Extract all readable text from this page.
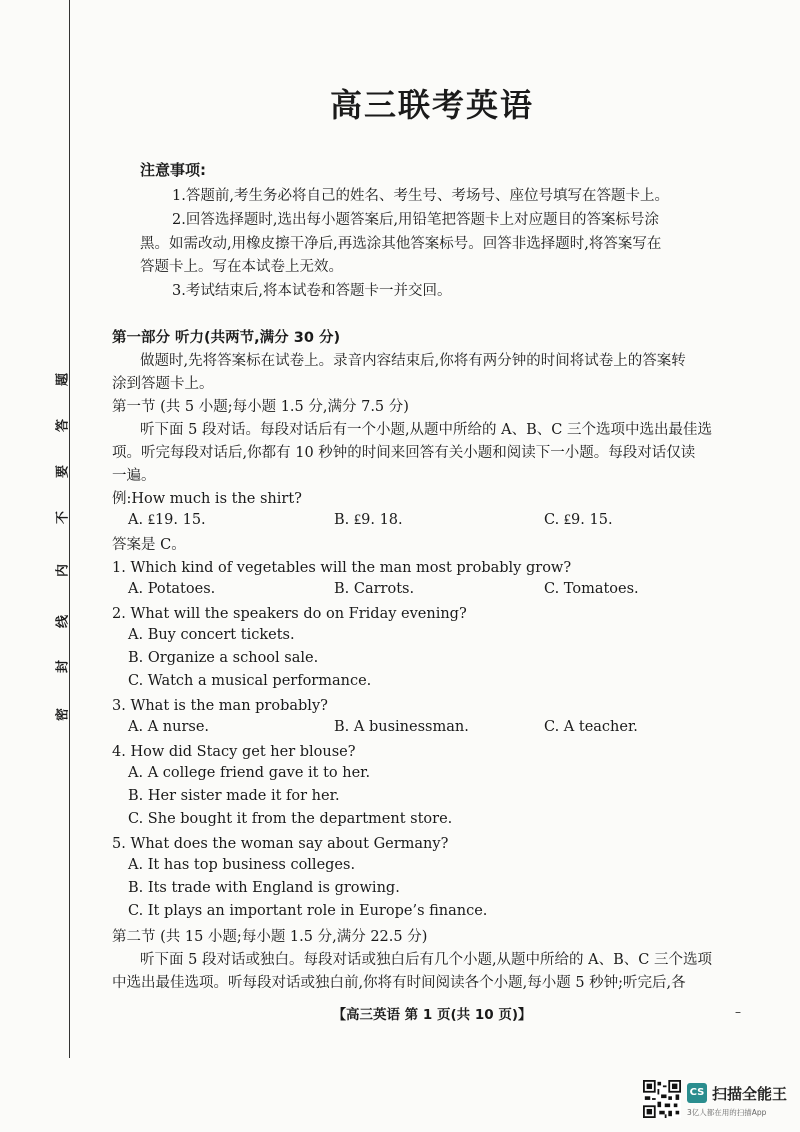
题
答
要
不
内
线
封
密
高三联考英语
注意事项:
1.答题前,考生务必将自己的姓名、考生号、考场号、座位号填写在答题卡上。
2.回答选择题时,选出每小题答案后,用铅笔把答题卡上对应题目的答案标号涂
黑。如需改动,用橡皮擦干净后,再选涂其他答案标号。回答非选择题时,将答案写在
答题卡上。写在本试卷上无效。
3.考试结束后,将本试卷和答题卡一并交回。
第一部分 听力(共两节,满分 30 分)
做题时,先将答案标在试卷上。录音内容结束后,你将有两分钟的时间将试卷上的答案转
涂到答题卡上。
第一节 (共 5 小题;每小题 1.5 分,满分 7.5 分)
听下面 5 段对话。每段对话后有一个小题,从题中所给的 A、B、C 三个选项中选出最佳选
项。听完每段对话后,你都有 10 秒钟的时间来回答有关小题和阅读下一小题。每段对话仅读
一遍。
例:How much is the shirt?
A. ₤19. 15.	B. ₤9. 18.	C. ₤9. 15.
答案是 C。
1. Which kind of vegetables will the man most probably grow?
A. Potatoes.	B. Carrots.	C. Tomatoes.
2. What will the speakers do on Friday evening?
A. Buy concert tickets.
B. Organize a school sale.
C. Watch a musical performance.
3. What is the man probably?
A. A nurse.	B. A businessman.	C. A teacher.
4. How did Stacy get her blouse?
A. A college friend gave it to her.
B. Her sister made it for her.
C. She bought it from the department store.
5. What does the woman say about Germany?
A. It has top business colleges.
B. Its trade with England is growing.
C. It plays an important role in Europe’s finance.
第二节 (共 15 小题;每小题 1.5 分,满分 22.5 分)
听下面 5 段对话或独白。每段对话或独白后有几个小题,从题中所给的 A、B、C 三个选项
中选出最佳选项。听每段对话或独白前,你将有时间阅读各个小题,每小题 5 秒钟;听完后,各
【高三英语 第 1 页(共 10 页)】	–
CS 扫描全能王
3亿人都在用的扫描App
